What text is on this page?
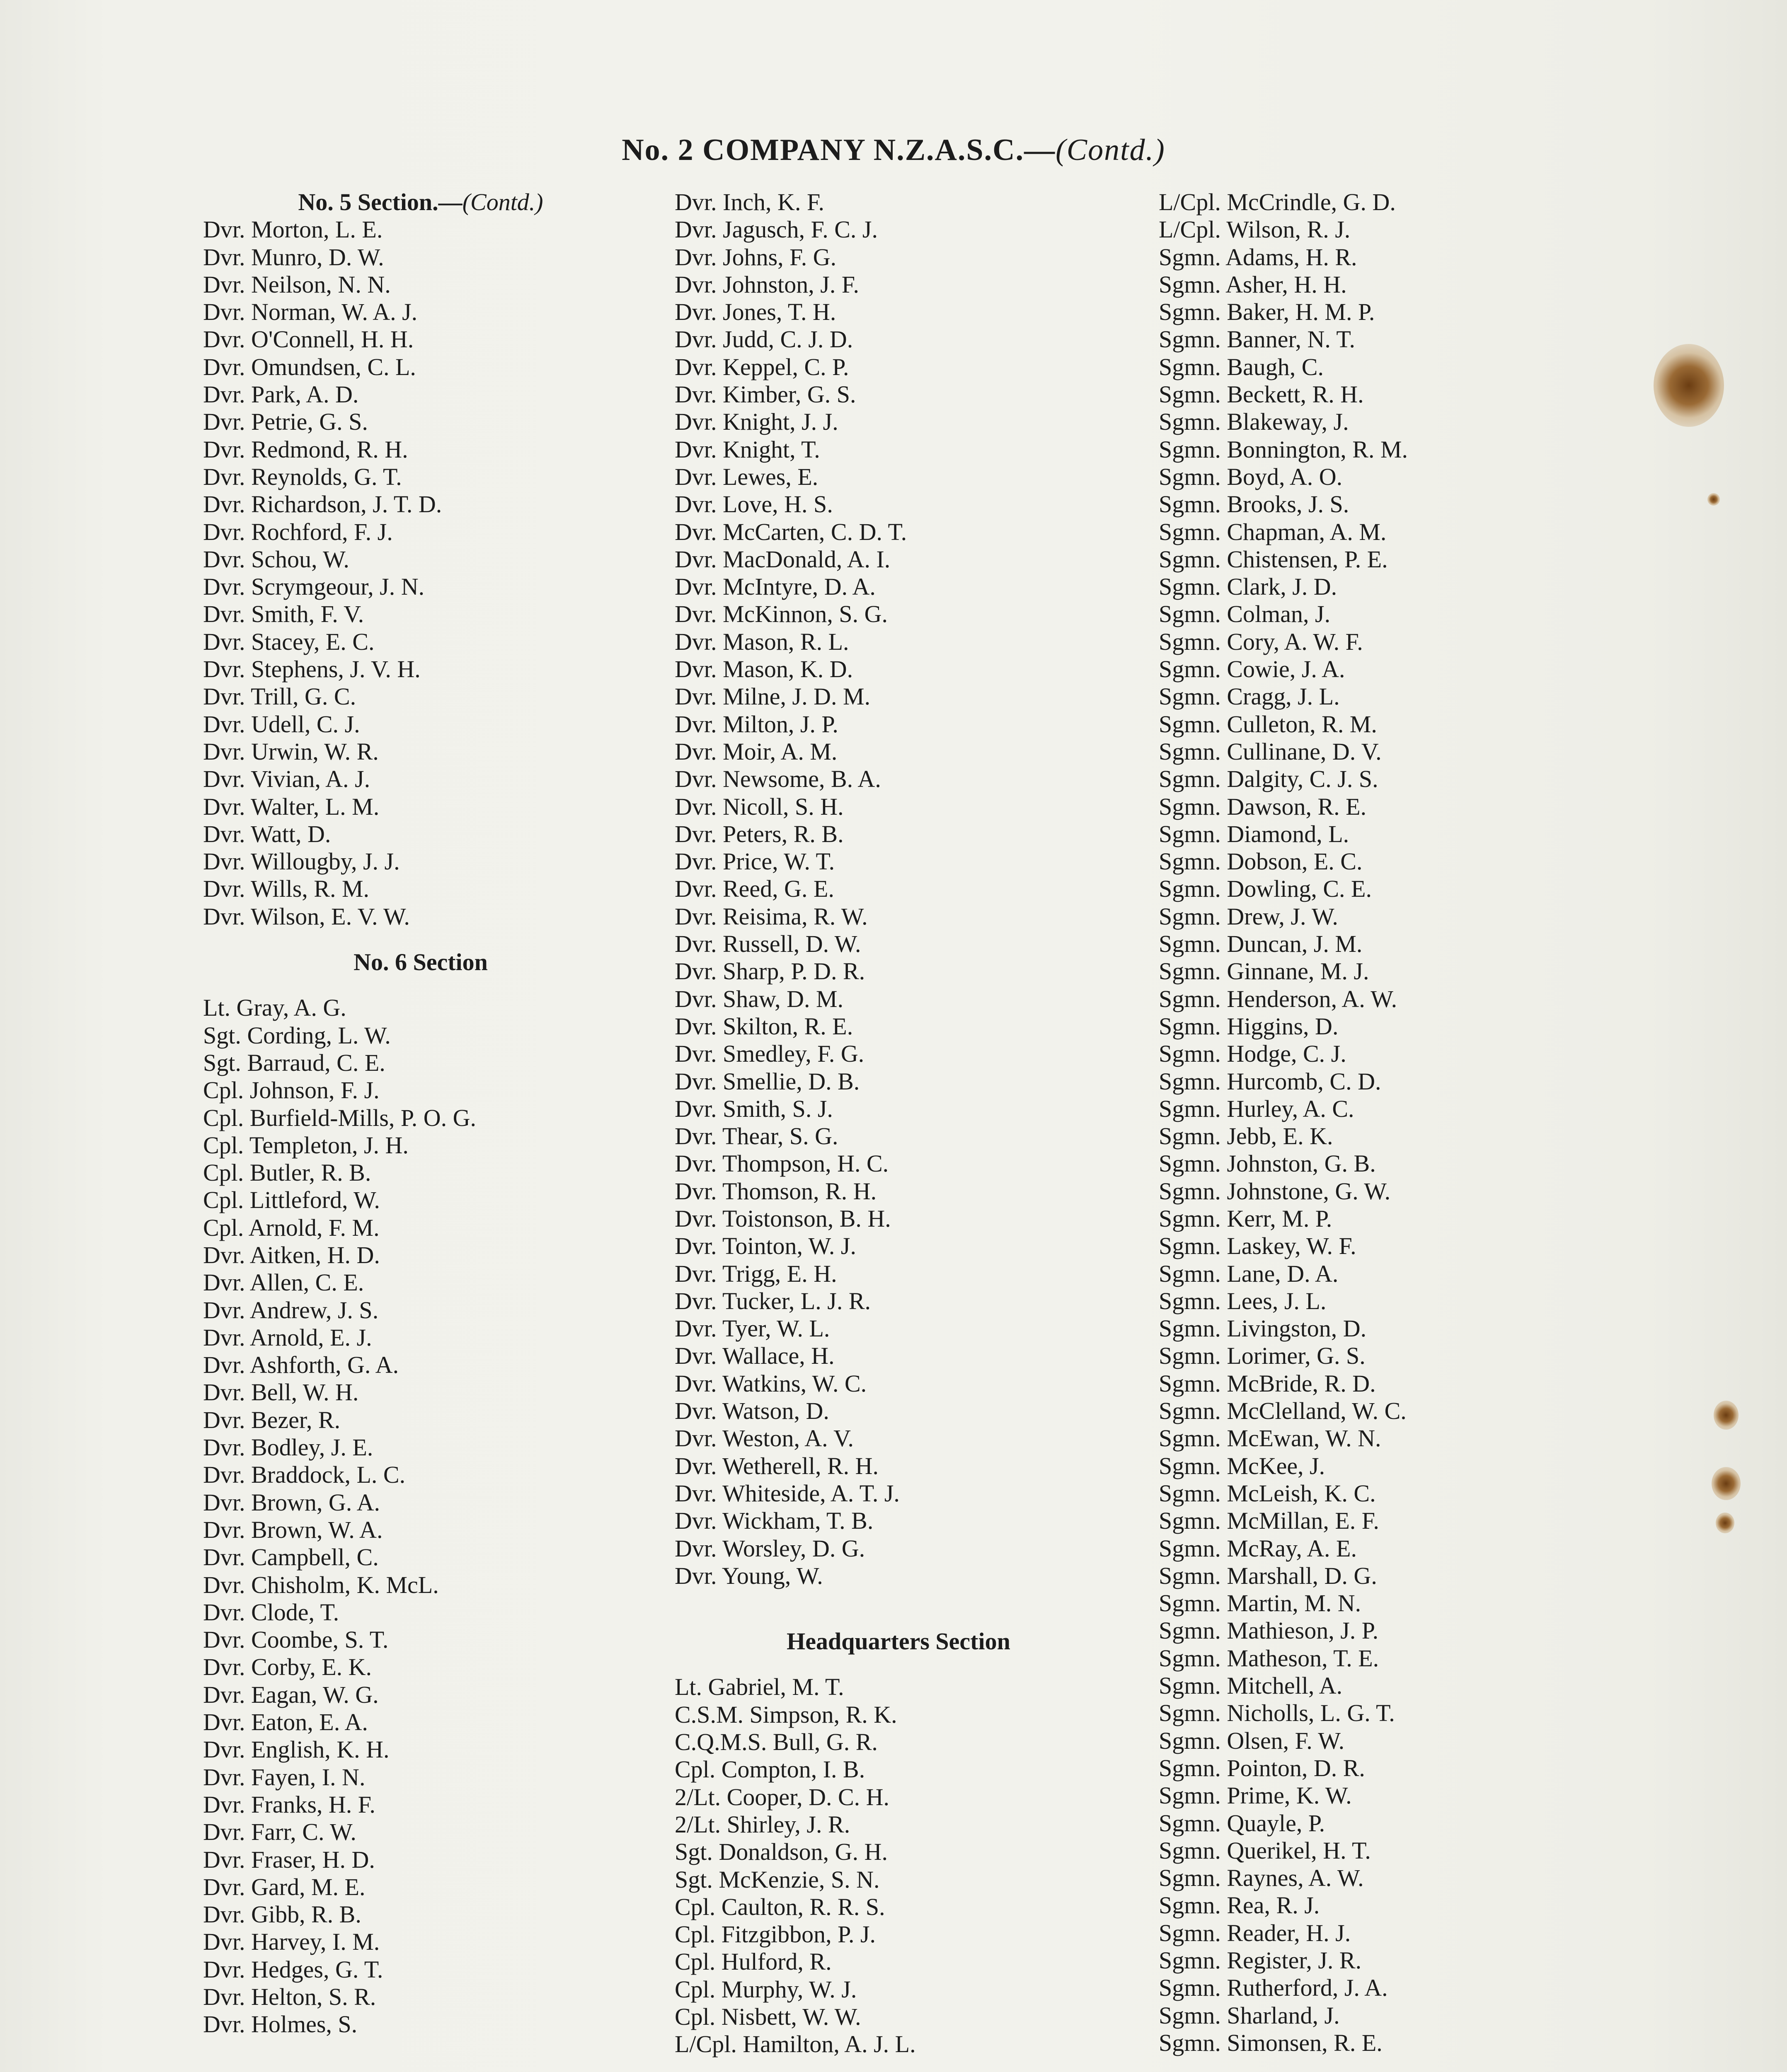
No. 2 COMPANY N.Z.A.S.C.—(Contd.)
No. 5 Section.—(Contd.)
Dvr. Morton, L. E.
Dvr. Munro, D. W.
Dvr. Neilson, N. N.
Dvr. Norman, W. A. J.
Dvr. O'Connell, H. H.
Dvr. Omundsen, C. L.
Dvr. Park, A. D.
Dvr. Petrie, G. S.
Dvr. Redmond, R. H.
Dvr. Reynolds, G. T.
Dvr. Richardson, J. T. D.
Dvr. Rochford, F. J.
Dvr. Schou, W.
Dvr. Scrymgeour, J. N.
Dvr. Smith, F. V.
Dvr. Stacey, E. C.
Dvr. Stephens, J. V. H.
Dvr. Trill, G. C.
Dvr. Udell, C. J.
Dvr. Urwin, W. R.
Dvr. Vivian, A. J.
Dvr. Walter, L. M.
Dvr. Watt, D.
Dvr. Willougby, J. J.
Dvr. Wills, R. M.
Dvr. Wilson, E. V. W.
No. 6 Section
Lt. Gray, A. G.
Sgt. Cording, L. W.
Sgt. Barraud, C. E.
Cpl. Johnson, F. J.
Cpl. Burfield-Mills, P. O. G.
Cpl. Templeton, J. H.
Cpl. Butler, R. B.
Cpl. Littleford, W.
Cpl. Arnold, F. M.
Dvr. Aitken, H. D.
Dvr. Allen, C. E.
Dvr. Andrew, J. S.
Dvr. Arnold, E. J.
Dvr. Ashforth, G. A.
Dvr. Bell, W. H.
Dvr. Bezer, R.
Dvr. Bodley, J. E.
Dvr. Braddock, L. C.
Dvr. Brown, G. A.
Dvr. Brown, W. A.
Dvr. Campbell, C.
Dvr. Chisholm, K. McL.
Dvr. Clode, T.
Dvr. Coombe, S. T.
Dvr. Corby, E. K.
Dvr. Eagan, W. G.
Dvr. Eaton, E. A.
Dvr. English, K. H.
Dvr. Fayen, I. N.
Dvr. Franks, H. F.
Dvr. Farr, C. W.
Dvr. Fraser, H. D.
Dvr. Gard, M. E.
Dvr. Gibb, R. B.
Dvr. Harvey, I. M.
Dvr. Hedges, G. T.
Dvr. Helton, S. R.
Dvr. Holmes, S.
Dvr. Inch, K. F.
Dvr. Jagusch, F. C. J.
Dvr. Johns, F. G.
Dvr. Johnston, J. F.
Dvr. Jones, T. H.
Dvr. Judd, C. J. D.
Dvr. Keppel, C. P.
Dvr. Kimber, G. S.
Dvr. Knight, J. J.
Dvr. Knight, T.
Dvr. Lewes, E.
Dvr. Love, H. S.
Dvr. McCarten, C. D. T.
Dvr. MacDonald, A. I.
Dvr. McIntyre, D. A.
Dvr. McKinnon, S. G.
Dvr. Mason, R. L.
Dvr. Mason, K. D.
Dvr. Milne, J. D. M.
Dvr. Milton, J. P.
Dvr. Moir, A. M.
Dvr. Newsome, B. A.
Dvr. Nicoll, S. H.
Dvr. Peters, R. B.
Dvr. Price, W. T.
Dvr. Reed, G. E.
Dvr. Reisima, R. W.
Dvr. Russell, D. W.
Dvr. Sharp, P. D. R.
Dvr. Shaw, D. M.
Dvr. Skilton, R. E.
Dvr. Smedley, F. G.
Dvr. Smellie, D. B.
Dvr. Smith, S. J.
Dvr. Thear, S. G.
Dvr. Thompson, H. C.
Dvr. Thomson, R. H.
Dvr. Toistonson, B. H.
Dvr. Tointon, W. J.
Dvr. Trigg, E. H.
Dvr. Tucker, L. J. R.
Dvr. Tyer, W. L.
Dvr. Wallace, H.
Dvr. Watkins, W. C.
Dvr. Watson, D.
Dvr. Weston, A. V.
Dvr. Wetherell, R. H.
Dvr. Whiteside, A. T. J.
Dvr. Wickham, T. B.
Dvr. Worsley, D. G.
Dvr. Young, W.
Headquarters Section
Lt. Gabriel, M. T.
C.S.M. Simpson, R. K.
C.Q.M.S. Bull, G. R.
Cpl. Compton, I. B.
2/Lt. Cooper, D. C. H.
2/Lt. Shirley, J. R.
Sgt. Donaldson, G. H.
Sgt. McKenzie, S. N.
Cpl. Caulton, R. R. S.
Cpl. Fitzgibbon, P. J.
Cpl. Hulford, R.
Cpl. Murphy, W. J.
Cpl. Nisbett, W. W.
L/Cpl. Hamilton, A. J. L.
L/Cpl. McCrindle, G. D.
L/Cpl. Wilson, R. J.
Sgmn. Adams, H. R.
Sgmn. Asher, H. H.
Sgmn. Baker, H. M. P.
Sgmn. Banner, N. T.
Sgmn. Baugh, C.
Sgmn. Beckett, R. H.
Sgmn. Blakeway, J.
Sgmn. Bonnington, R. M.
Sgmn. Boyd, A. O.
Sgmn. Brooks, J. S.
Sgmn. Chapman, A. M.
Sgmn. Chistensen, P. E.
Sgmn. Clark, J. D.
Sgmn. Colman, J.
Sgmn. Cory, A. W. F.
Sgmn. Cowie, J. A.
Sgmn. Cragg, J. L.
Sgmn. Culleton, R. M.
Sgmn. Cullinane, D. V.
Sgmn. Dalgity, C. J. S.
Sgmn. Dawson, R. E.
Sgmn. Diamond, L.
Sgmn. Dobson, E. C.
Sgmn. Dowling, C. E.
Sgmn. Drew, J. W.
Sgmn. Duncan, J. M.
Sgmn. Ginnane, M. J.
Sgmn. Henderson, A. W.
Sgmn. Higgins, D.
Sgmn. Hodge, C. J.
Sgmn. Hurcomb, C. D.
Sgmn. Hurley, A. C.
Sgmn. Jebb, E. K.
Sgmn. Johnston, G. B.
Sgmn. Johnstone, G. W.
Sgmn. Kerr, M. P.
Sgmn. Laskey, W. F.
Sgmn. Lane, D. A.
Sgmn. Lees, J. L.
Sgmn. Livingston, D.
Sgmn. Lorimer, G. S.
Sgmn. McBride, R. D.
Sgmn. McClelland, W. C.
Sgmn. McEwan, W. N.
Sgmn. McKee, J.
Sgmn. McLeish, K. C.
Sgmn. McMillan, E. F.
Sgmn. McRay, A. E.
Sgmn. Marshall, D. G.
Sgmn. Martin, M. N.
Sgmn. Mathieson, J. P.
Sgmn. Matheson, T. E.
Sgmn. Mitchell, A.
Sgmn. Nicholls, L. G. T.
Sgmn. Olsen, F. W.
Sgmn. Pointon, D. R.
Sgmn. Prime, K. W.
Sgmn. Quayle, P.
Sgmn. Querikel, H. T.
Sgmn. Raynes, A. W.
Sgmn. Rea, R. J.
Sgmn. Reader, H. J.
Sgmn. Register, J. R.
Sgmn. Rutherford, J. A.
Sgmn. Sharland, J.
Sgmn. Simonsen, R. E.
